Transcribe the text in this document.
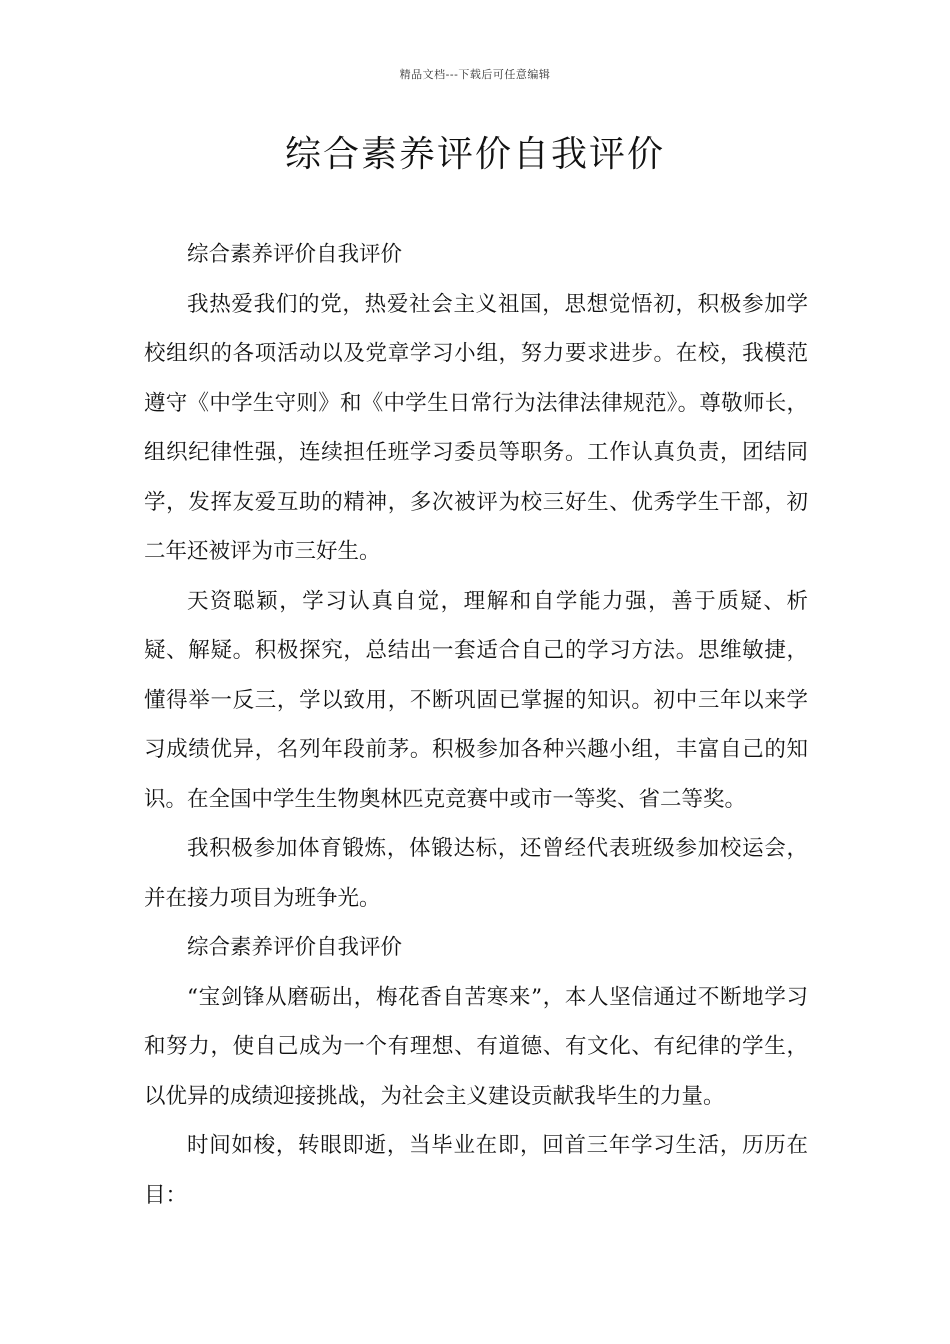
精品文档---下载后可任意编辑
综合素养评价自我评价

综合素养评价自我评价

我热爱我们的党，热爱社会主义祖国，思想觉悟初，积极参加学校组织的各项活动以及党章学习小组，努力要求进步。在校，我模范遵守《中学生守则》和《中学生日常行为法律法律规范》。尊敬师长，组织纪律性强，连续担任班学习委员等职务。工作认真负责，团结同学，发挥友爱互助的精神，多次被评为校三好生、优秀学生干部，初二年还被评为市三好生。

天资聪颖，学习认真自觉，理解和自学能力强，善于质疑、析疑、解疑。积极探究，总结出一套适合自己的学习方法。思维敏捷，懂得举一反三，学以致用，不断巩固已掌握的知识。初中三年以来学习成绩优异，名列年段前茅。积极参加各种兴趣小组，丰富自己的知识。在全国中学生生物奥林匹克竞赛中或市一等奖、省二等奖。

我积极参加体育锻炼，体锻达标，还曾经代表班级参加校运会，并在接力项目为班争光。

综合素养评价自我评价

“宝剑锋从磨砺出，梅花香自苦寒来”，本人坚信通过不断地学习和努力，使自己成为一个有理想、有道德、有文化、有纪律的学生，以优异的成绩迎接挑战，为社会主义建设贡献我毕生的力量。

时间如梭，转眼即逝，当毕业在即，回首三年学习生活，历历在目：
